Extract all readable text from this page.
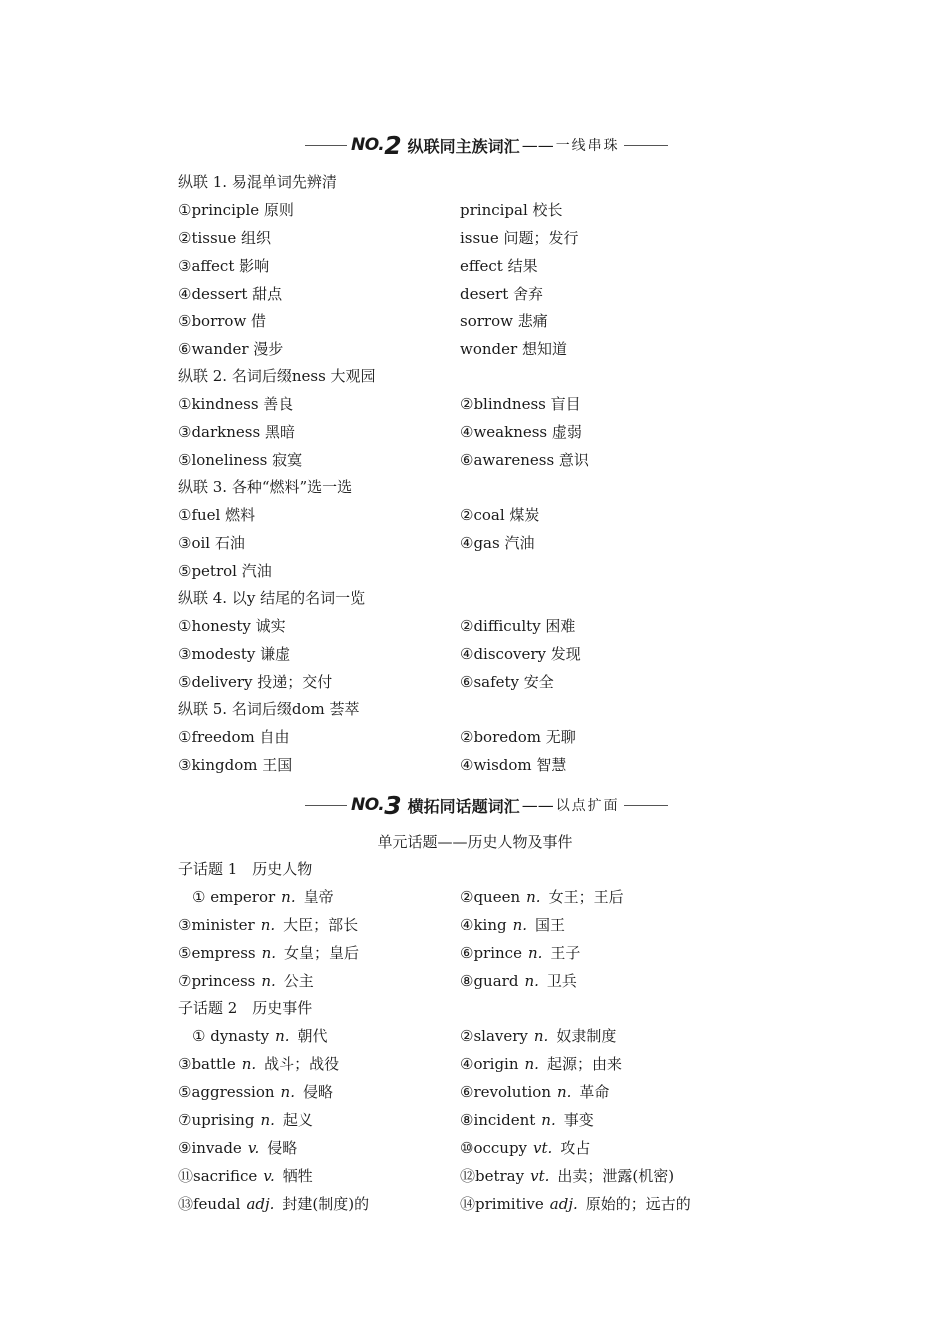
NO. 2 纵联同主族词汇 —— 一线串珠
纵联 1. 易混单词先辨清
①principle 原则	principal 校长
②tissue 组织	issue 问题；发行
③affect 影响	effect 结果
④dessert 甜点	desert 舍弃
⑤borrow 借	sorrow 悲痛
⑥wander 漫步	wonder 想知道
纵联 2. 名词后缀ness 大观园
①kindness 善良	②blindness 盲目
③darkness 黑暗	④weakness 虚弱
⑤loneliness 寂寞	⑥awareness 意识
纵联 3. 各种“燃料”选一选
①fuel 燃料	②coal 煤炭
③oil 石油	④gas 汽油
⑤petrol 汽油
纵联 4. 以y 结尾的名词一览
①honesty 诚实	②difficulty 困难
③modesty 谦虚	④discovery 发现
⑤delivery 投递；交付	⑥safety 安全
纵联 5. 名词后缀dom 荟萃
①freedom 自由	②boredom 无聊
③kingdom 王国	④wisdom 智慧
NO. 3 横拓同话题词汇 —— 以点扩面
单元话题——历史人物及事件
子话题 1　历史人物
① emperor n. 皇帝	②queen n. 女王；王后
③minister n. 大臣；部长	④king n. 国王
⑤empress n. 女皇；皇后	⑥prince n. 王子
⑦princess n. 公主	⑧guard n. 卫兵
子话题 2　历史事件
① dynasty n. 朝代	②slavery n. 奴隶制度
③battle n. 战斗；战役	④origin n. 起源；由来
⑤aggression n. 侵略	⑥revolution n. 革命
⑦uprising n. 起义	⑧incident n. 事变
⑨invade v. 侵略	⑩occupy vt. 攻占
⑪sacrifice v. 牺牲	⑫betray vt. 出卖；泄露(机密)
⑬feudal adj. 封建(制度)的	⑭primitive adj. 原始的；远古的
